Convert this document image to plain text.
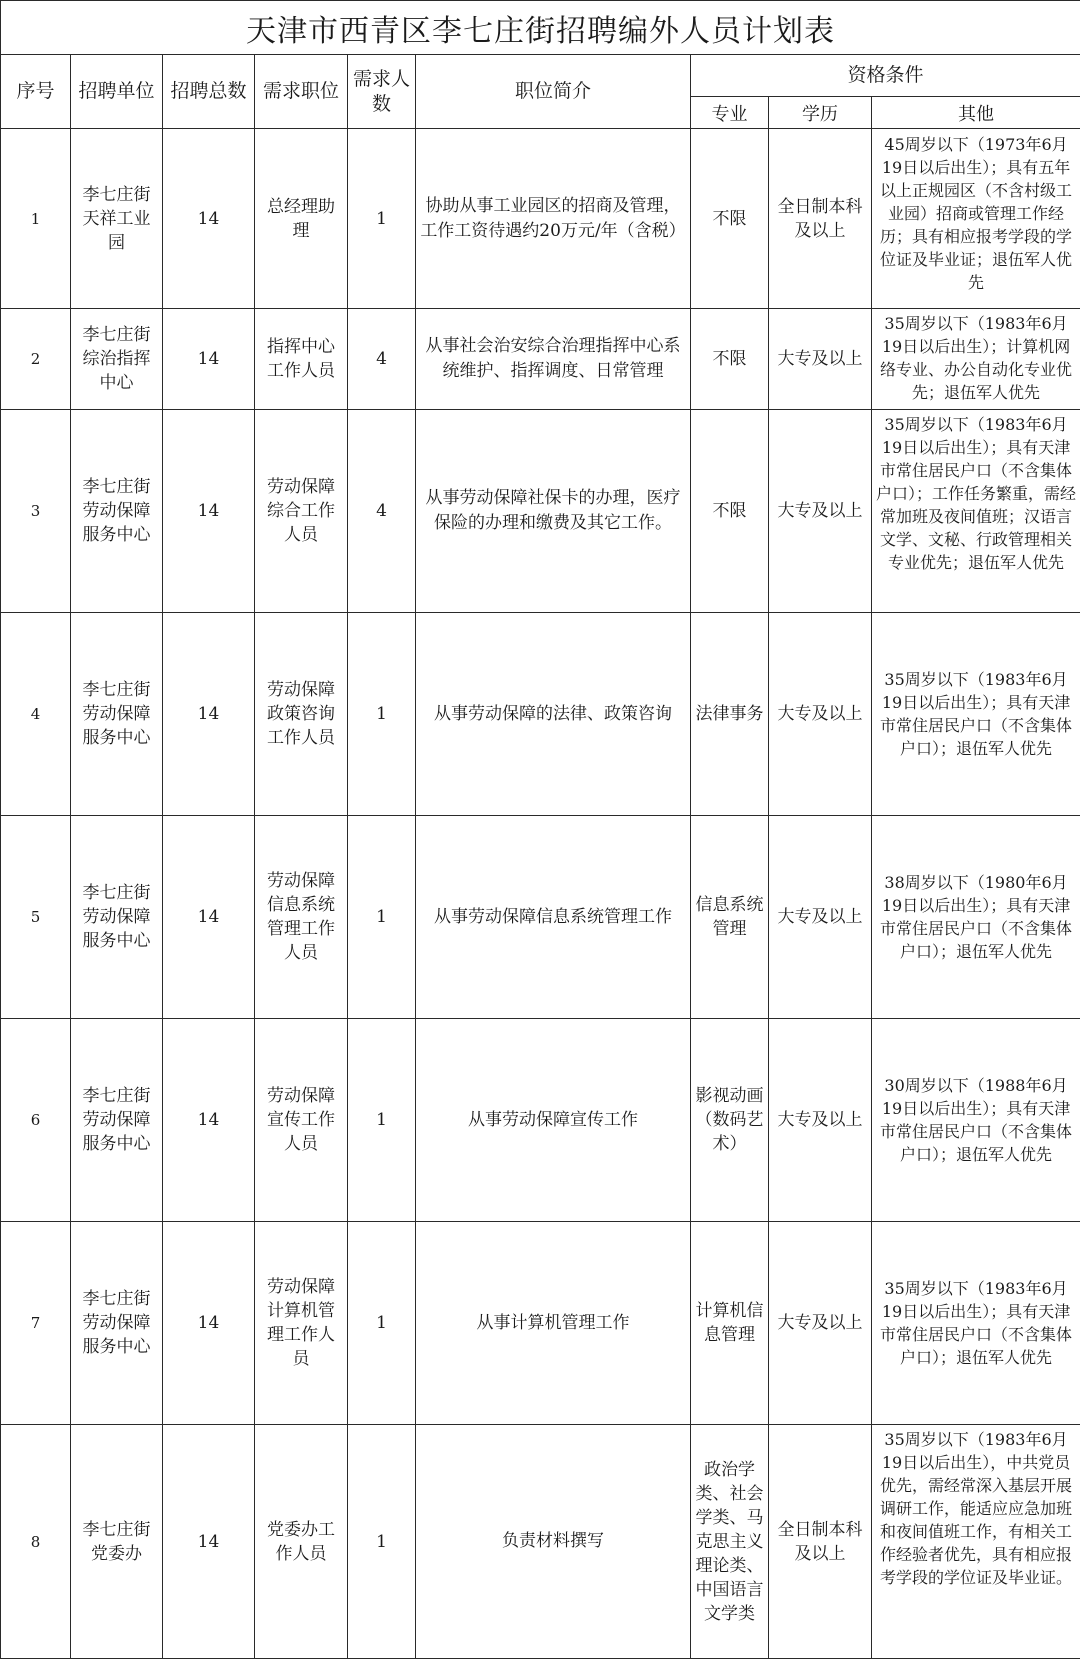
天津市西青区李七庄街招聘编外人员计划表								
序号	招聘单位	招聘总数	需求职位	需求人数	职位简介	资格条件		
						专业	学历	其他
1	李七庄街天祥工业园	14	总经理助理	1	协助从事工业园区的招商及管理，工作工资待遇约20万元/年（含税）	不限	全日制本科及以上	45周岁以下（1973年6月19日以后出生）；具有五年以上正规园区（不含村级工业园）招商或管理工作经历；具有相应报考学段的学位证及毕业证；退伍军人优先

2	李七庄街综治指挥中心	14	指挥中心工作人员	4	从事社会治安综合治理指挥中心系统维护、指挥调度、日常管理	不限	大专及以上	35周岁以下（1983年6月19日以后出生）；计算机网络专业、办公自动化专业优先；退伍军人优先

3	李七庄街劳动保障服务中心	14	劳动保障综合工作人员	4	从事劳动保障社保卡的办理，医疗保险的办理和缴费及其它工作。	不限	大专及以上	35周岁以下（1983年6月19日以后出生）；具有天津市常住居民户口（不含集体户口）；工作任务繁重，需经常加班及夜间值班；汉语言文学、文秘、行政管理相关专业优先；退伍军人优先

4	李七庄街劳动保障服务中心	14	劳动保障政策咨询工作人员	1	从事劳动保障的法律、政策咨询	法律事务	大专及以上	35周岁以下（1983年6月19日以后出生）；具有天津市常住居民户口（不含集体户口）；退伍军人优先

5	李七庄街劳动保障服务中心	14	劳动保障信息系统管理工作人员	1	从事劳动保障信息系统管理工作	信息系统管理	大专及以上	38周岁以下（1980年6月19日以后出生）；具有天津市常住居民户口（不含集体户口）；退伍军人优先

6	李七庄街劳动保障服务中心	14	劳动保障宣传工作人员	1	从事劳动保障宣传工作	影视动画（数码艺术）	大专及以上	30周岁以下（1988年6月19日以后出生）；具有天津市常住居民户口（不含集体户口）；退伍军人优先

7	李七庄街劳动保障服务中心	14	劳动保障计算机管理工作人员	1	从事计算机管理工作	计算机信息管理	大专及以上	35周岁以下（1983年6月19日以后出生）；具有天津市常住居民户口（不含集体户口）；退伍军人优先

8	李七庄街党委办	14	党委办工作人员	1	负责材料撰写	政治学类、社会学类、马克思主义理论类、中国语言文学类	全日制本科及以上	35周岁以下（1983年6月19日以后出生），中共党员优先，需经常深入基层开展调研工作，能适应应急加班和夜间值班工作，有相关工作经验者优先，具有相应报考学段的学位证及毕业证。
